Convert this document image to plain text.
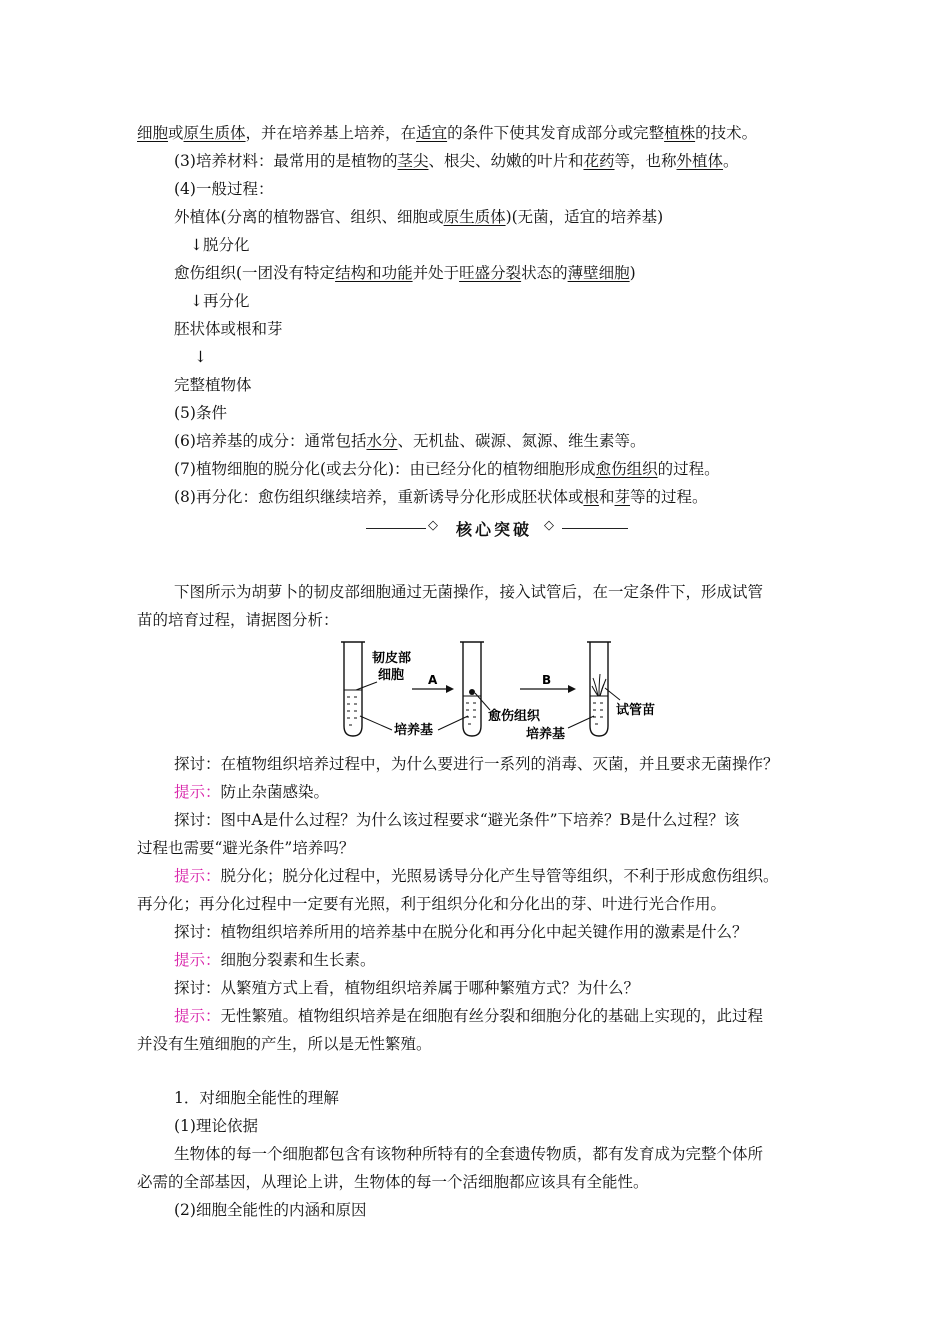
细胞或原生质体，并在培养基上培养，在适宜的条件下使其发育成部分或完整植株的技术。
(3)培养材料：最常用的是植物的茎尖、根尖、幼嫩的叶片和花药等，也称外植体。
(4)一般过程：
外植体(分离的植物器官、组织、细胞或原生质体)(无菌，适宜的培养基)
↓脱分化
愈伤组织(一团没有特定结构和功能并处于旺盛分裂状态的薄壁细胞)
↓再分化
胚状体或根和芽
↓
完整植物体
(5)条件
(6)培养基的成分：通常包括水分、无机盐、碳源、氮源、维生素等。
(7)植物细胞的脱分化(或去分化)：由已经分化的植物细胞形成愈伤组织的过程。
(8)再分化：愈伤组织继续培养，重新诱导分化形成胚状体或根和芽等的过程。
◇	核心突破 ◇
下图所示为胡萝卜的韧皮部细胞通过无菌操作，接入试管后，在一定条件下，形成试管
苗的培育过程，请据图分析：
韧皮部
细胞 A
愈伤组织
培养基
B
试管苗
培养基
探讨：在植物组织培养过程中，为什么要进行一系列的消毒、灭菌，并且要求无菌操作？
提示：防止杂菌感染。
探讨：图中A是什么过程？为什么该过程要求“避光条件”下培养？B是什么过程？该
过程也需要“避光条件”培养吗？
提示：脱分化；脱分化过程中，光照易诱导分化产生导管等组织，不利于形成愈伤组织。
再分化；再分化过程中一定要有光照，利于组织分化和分化出的芽、叶进行光合作用。
探讨：植物组织培养所用的培养基中在脱分化和再分化中起关键作用的激素是什么？
提示：细胞分裂素和生长素。
探讨：从繁殖方式上看，植物组织培养属于哪种繁殖方式？为什么？
提示：无性繁殖。植物组织培养是在细胞有丝分裂和细胞分化的基础上实现的，此过程
并没有生殖细胞的产生，所以是无性繁殖。
1．对细胞全能性的理解
(1)理论依据
生物体的每一个细胞都包含有该物种所特有的全套遗传物质，都有发育成为完整个体所
必需的全部基因，从理论上讲，生物体的每一个活细胞都应该具有全能性。
(2)细胞全能性的内涵和原因
